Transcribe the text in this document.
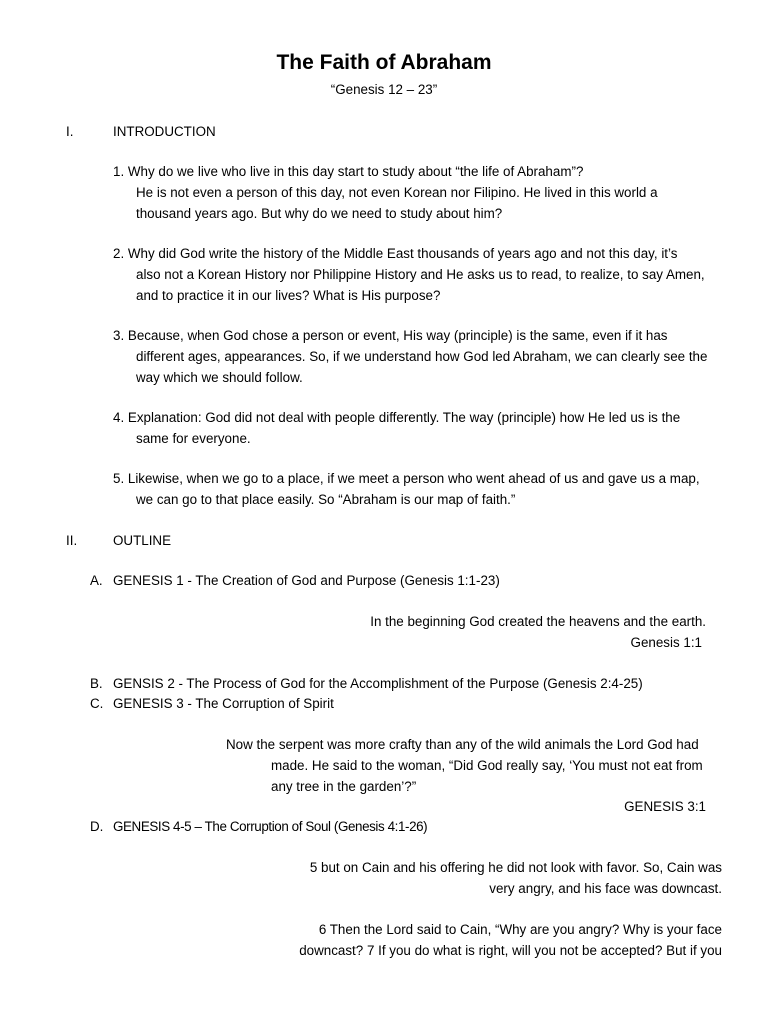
The Faith of Abraham
“Genesis 12 – 23”
I.	INTRODUCTION
1. Why do we live who live in this day start to study about “the life of Abraham”?
He is not even a person of this day, not even Korean nor Filipino. He lived in this world a
thousand years ago. But why do we need to study about him?
2. Why did God write the history of the Middle East thousands of years ago and not this day, it’s
also not a Korean History nor Philippine History and He asks us to read, to realize, to say Amen,
and to practice it in our lives? What is His purpose?
3. Because, when God chose a person or event, His way (principle) is the same, even if it has
different ages, appearances. So, if we understand how God led Abraham, we can clearly see the
way which we should follow.
4. Explanation: God did not deal with people differently. The way (principle) how He led us is the
same for everyone.
5. Likewise, when we go to a place, if we meet a person who went ahead of us and gave us a map,
we can go to that place easily. So “Abraham is our map of faith.”
II.	OUTLINE
A. GENESIS 1 - The Creation of God and Purpose (Genesis 1:1-23)
In the beginning God created the heavens and the earth.
Genesis 1:1
B. GENSIS 2 - The Process of God for the Accomplishment of the Purpose (Genesis 2:4-25)
C. GENESIS 3 - The Corruption of Spirit
Now the serpent was more crafty than any of the wild animals the Lord God had
made. He said to the woman, “Did God really say, ‘You must not eat from
any tree in the garden’?”
GENESIS 3:1
D. GENESIS 4-5 – The Corruption of Soul (Genesis 4:1-26)
5 but on Cain and his offering he did not look with favor. So, Cain was
very angry, and his face was downcast.
6 Then the Lord said to Cain, “Why are you angry? Why is your face
downcast? 7 If you do what is right, will you not be accepted? But if you
